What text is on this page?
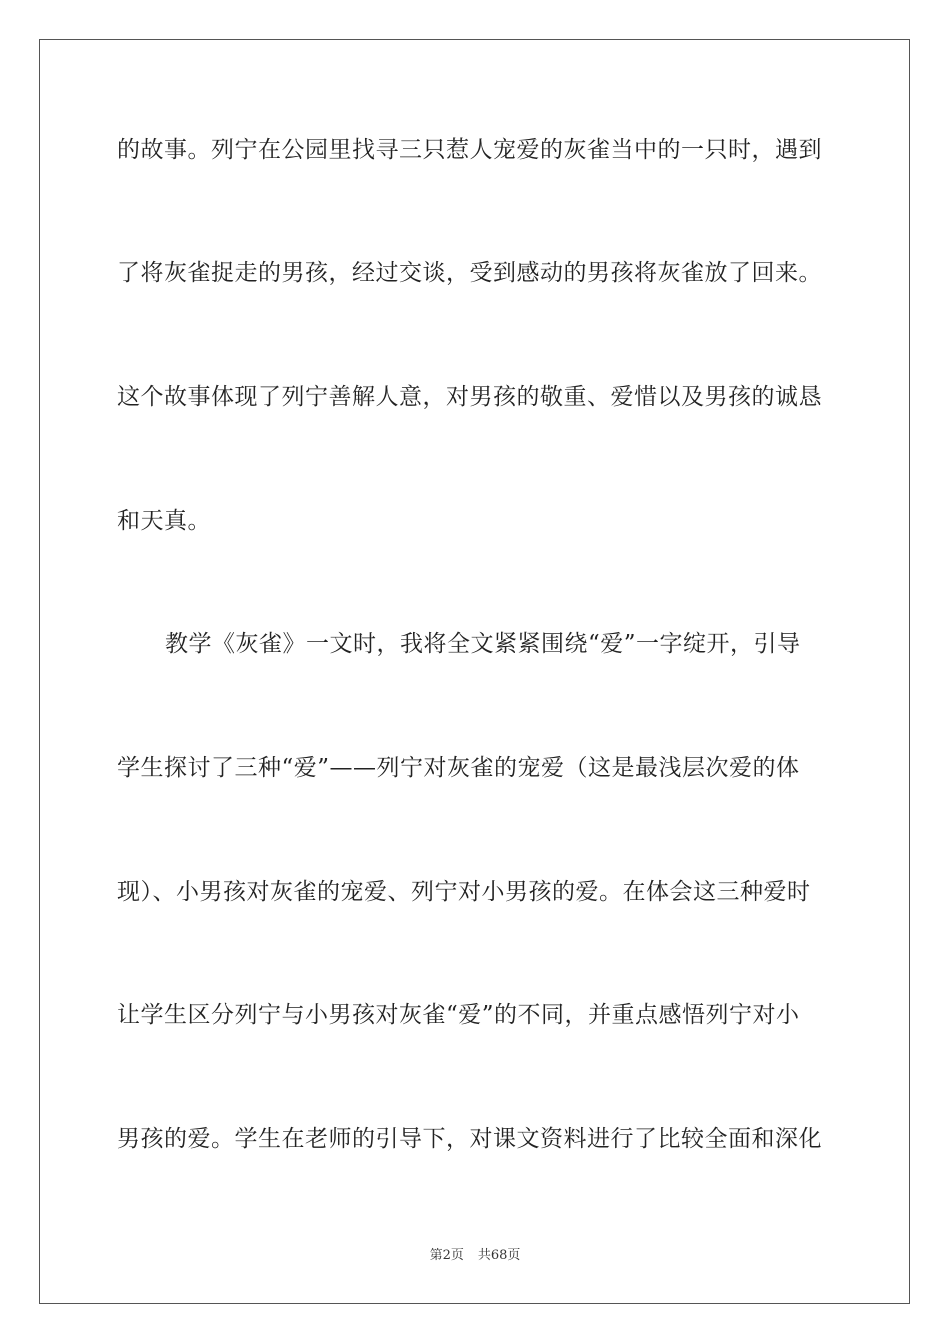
的故事。列宁在公园里找寻三只惹人宠爱的灰雀当中的一只时，遇到
了将灰雀捉走的男孩，经过交谈，受到感动的男孩将灰雀放了回来。
这个故事体现了列宁善解人意，对男孩的敬重、爱惜以及男孩的诚恳
和天真。
教学《灰雀》一文时，我将全文紧紧围绕“爱”一字绽开，引导
学生探讨了三种“爱”——列宁对灰雀的宠爱（这是最浅层次爱的体
现）、小男孩对灰雀的宠爱、列宁对小男孩的爱。在体会这三种爱时
让学生区分列宁与小男孩对灰雀“爱”的不同，并重点感悟列宁对小
男孩的爱。学生在老师的引导下，对课文资料进行了比较全面和深化
第2页 共68页
